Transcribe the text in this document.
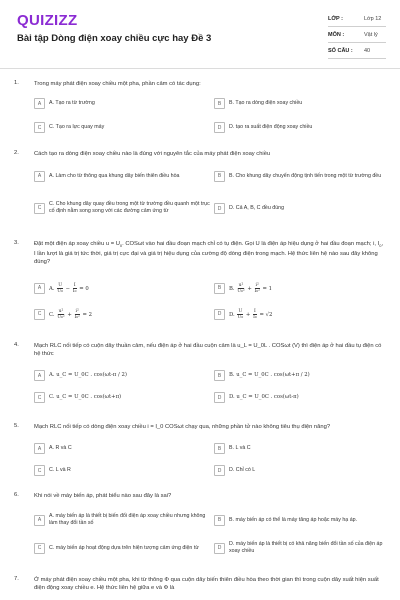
QUIZIZZ
Bài tập Dòng điện xoay chiều cực hay Đề 3
LỚP :	Lớp 12
MÔN :	Vật lý
SỐ CÂU : 40
1.	Trong máy phát điện xoay chiều một pha, phần cảm có tác dụng:
A	A. Tạo ra từ trường	B	B. Tạo ra dòng điện xoay chiều
C	C. Tạo ra lực quay máy	D	D. tạo ra suất điện động xoay chiều
2.	Cách tạo ra dòng điện xoay chiều nào là đúng với nguyên tắc của máy phát điện xoay chiều
A	A. Làm cho từ thông qua khung dây biến thiên điều hòa	B	B. Cho khung dây chuyển động tịnh tiến trong một từ trường đều
C
C. Cho khung dây quay đều trong một từ trường đều quanh một trục cố định nằm song song với các đường cảm ứng từ	D	D. Cả A, B, C đều đúng
3.	Đặt một điện áp xoay chiều $u = U_0$. COSωt vào hai đầu đoạn mạch chỉ có tụ điện. Gọi U là điện áp hiệu dụng ở hai đầu đoạn mạch; i, $I_0$, I lần lượt là giá trị tức thời, giá trị cực đại và giá trị hiệu dụng của cường độ dòng điện trong mạch. Hệ thức liên hệ nào sau đây không đúng?
A	A. $\frac{U}{\text{U₀}} - \frac{I}{\text{I₀}} = 0$	B	B. $\frac{\text{u²}}{\text{U₀²}} + \frac{\text{i²}}{\text{I₀²}} = 1$
C	C. $\frac{\text{u²}}{\text{U₀²}} + \frac{\text{i²}}{\text{I₀²}} = 2$	D	D. $\frac{U}{\text{U₀}} + \frac{I}{\text{I₀}} = √2$
4.	Mạch RLC nối tiếp có cuộn dây thuần cảm, nếu điện áp ở hai đầu cuộn cảm là u_L = U_0L . COSωt (V) thì điện áp ở hai đầu tụ điện có hệ thức
A	A. u_C = U_0C . cos(ωt-π / 2)	B	B. u_C = U_0C . cos(ωt+π / 2)
C	C. u_C = U_0C . cos(ωt+π)	D	D. u_C = U_0C . cos(ωt-π)
5.	Mạch RLC nối tiếp có dòng điện xoay chiều i = I_0 COSωt chạy qua, những phần tử nào không tiêu thụ điện năng?
A	A. R và C	B	B. L và C
C	C. L và R	D	D. Chỉ có L
6.	Khi nói về máy biến áp, phát biểu nào sau đây là sai?
A
A. máy biến áp là thiết bị biến đổi điện áp xoay chiều nhưng không làm thay đổi tần số	B	B. máy biến áp có thể là máy tăng áp hoặc máy hạ áp.
C	C. máy biến áp hoạt động dựa trên hiện tượng cảm ứng điện từ	D
D. máy biến áp là thiết bị có khả năng biến đổi tần số của điện áp xoay chiều
7.	Ở máy phát điện xoay chiều một pha, khi từ thông Φ qua cuộn dây biến thiên điều hòa theo thời gian thì trong cuộn dây xuất hiện suất điện động xoay chiều e. Hệ thức liên hệ giữa e và Φ là
